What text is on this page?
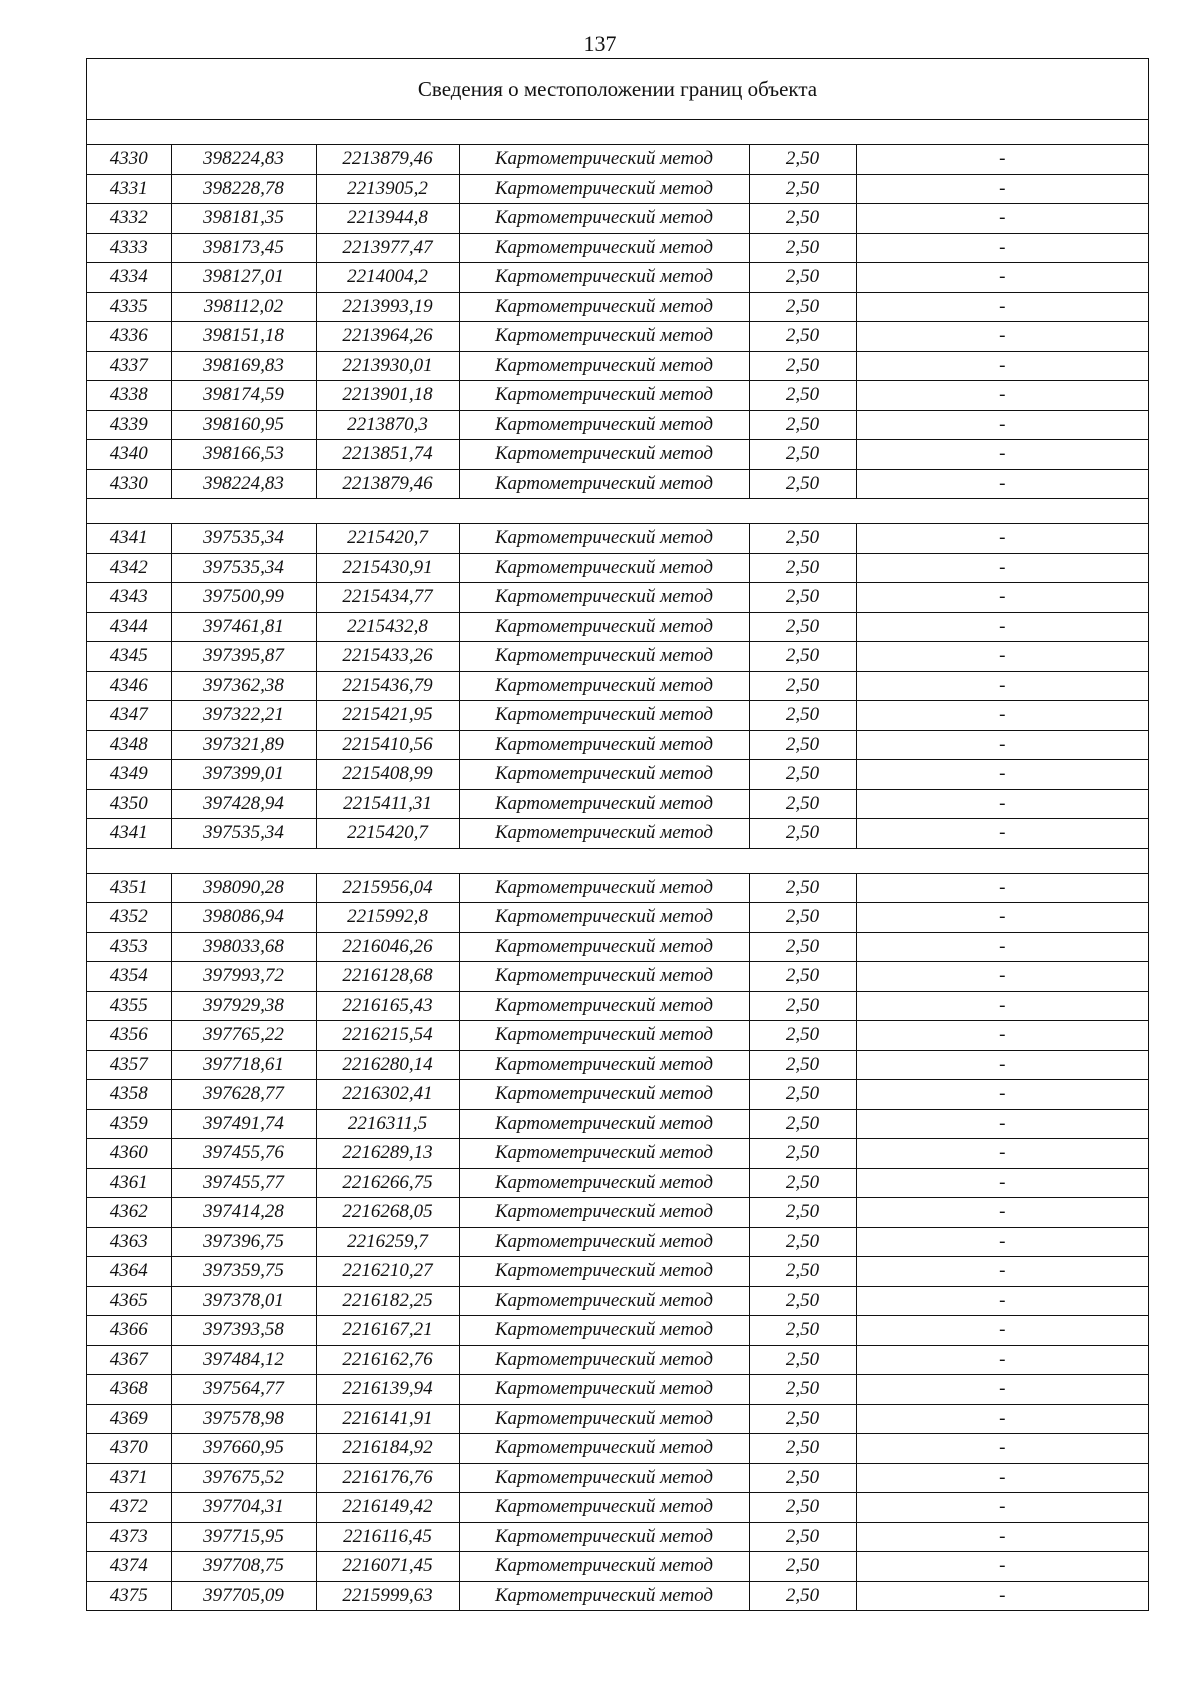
137
Сведения о местоположении границ объекта
4330	398224,83	2213879,46	Картометрический метод	2,50	-
4331	398228,78	2213905,2	Картометрический метод	2,50	-
4332	398181,35	2213944,8	Картометрический метод	2,50	-
4333	398173,45	2213977,47	Картометрический метод	2,50	-
4334	398127,01	2214004,2	Картометрический метод	2,50	-
4335	398112,02	2213993,19	Картометрический метод	2,50	-
4336	398151,18	2213964,26	Картометрический метод	2,50	-
4337	398169,83	2213930,01	Картометрический метод	2,50	-
4338	398174,59	2213901,18	Картометрический метод	2,50	-
4339	398160,95	2213870,3	Картометрический метод	2,50	-
4340	398166,53	2213851,74	Картометрический метод	2,50	-
4330	398224,83	2213879,46	Картометрический метод	2,50	-

4341	397535,34	2215420,7	Картометрический метод	2,50	-
4342	397535,34	2215430,91	Картометрический метод	2,50	-
4343	397500,99	2215434,77	Картометрический метод	2,50	-
4344	397461,81	2215432,8	Картометрический метод	2,50	-
4345	397395,87	2215433,26	Картометрический метод	2,50	-
4346	397362,38	2215436,79	Картометрический метод	2,50	-
4347	397322,21	2215421,95	Картометрический метод	2,50	-
4348	397321,89	2215410,56	Картометрический метод	2,50	-
4349	397399,01	2215408,99	Картометрический метод	2,50	-
4350	397428,94	2215411,31	Картометрический метод	2,50	-
4341	397535,34	2215420,7	Картометрический метод	2,50	-

4351	398090,28	2215956,04	Картометрический метод	2,50	-
4352	398086,94	2215992,8	Картометрический метод	2,50	-
4353	398033,68	2216046,26	Картометрический метод	2,50	-
4354	397993,72	2216128,68	Картометрический метод	2,50	-
4355	397929,38	2216165,43	Картометрический метод	2,50	-
4356	397765,22	2216215,54	Картометрический метод	2,50	-
4357	397718,61	2216280,14	Картометрический метод	2,50	-
4358	397628,77	2216302,41	Картометрический метод	2,50	-
4359	397491,74	2216311,5	Картометрический метод	2,50	-
4360	397455,76	2216289,13	Картометрический метод	2,50	-
4361	397455,77	2216266,75	Картометрический метод	2,50	-
4362	397414,28	2216268,05	Картометрический метод	2,50	-
4363	397396,75	2216259,7	Картометрический метод	2,50	-
4364	397359,75	2216210,27	Картометрический метод	2,50	-
4365	397378,01	2216182,25	Картометрический метод	2,50	-
4366	397393,58	2216167,21	Картометрический метод	2,50	-
4367	397484,12	2216162,76	Картометрический метод	2,50	-
4368	397564,77	2216139,94	Картометрический метод	2,50	-
4369	397578,98	2216141,91	Картометрический метод	2,50	-
4370	397660,95	2216184,92	Картометрический метод	2,50	-
4371	397675,52	2216176,76	Картометрический метод	2,50	-
4372	397704,31	2216149,42	Картометрический метод	2,50	-
4373	397715,95	2216116,45	Картометрический метод	2,50	-
4374	397708,75	2216071,45	Картометрический метод	2,50	-
4375	397705,09	2215999,63	Картометрический метод	2,50	-
